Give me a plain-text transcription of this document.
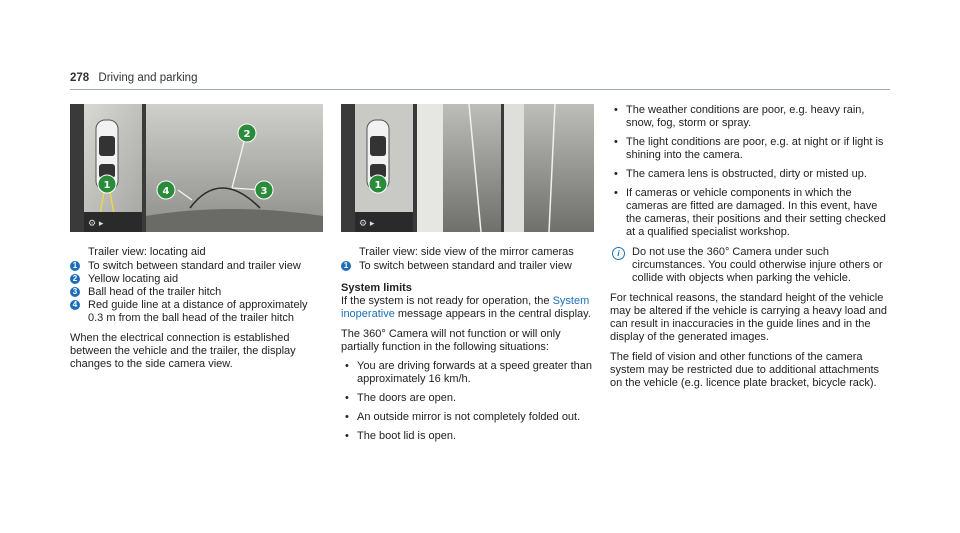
278 Driving and parking
⚙ ▸
1
2
3
4
⚙ ▸
1
Trailer view: locating aid
1 To switch between standard and trailer view
2 Yellow locating aid
3 Ball head of the trailer hitch
4 Red guide line at a distance of approximately 0.3 m from the ball head of the trailer hitch
When the electrical connection is established between the vehicle and the trailer, the display changes to the side camera view.
Trailer view: side view of the mirror cameras
1 To switch between standard and trailer view
System limits
If the system is not ready for operation, the System inoperative message appears in the central display.
The 360° Camera will not function or will only partially function in the following situations:
• You are driving forwards at a speed greater than approximately 16 km/h.
• The doors are open.
• An outside mirror is not completely folded out.
• The boot lid is open.
• The weather conditions are poor, e.g. heavy rain, snow, fog, storm or spray.
• The light conditions are poor, e.g. at night or if light is shining into the camera.
• The camera lens is obstructed, dirty or misted up.
• If cameras or vehicle components in which the cameras are fitted are damaged. In this event, have the cameras, their positions and their setting checked at a qualified specialist workshop.
i	Do not use the 360° Camera under such circumstances. You could otherwise injure others or collide with objects when parking the vehicle.
For technical reasons, the standard height of the vehicle may be altered if the vehicle is carrying a heavy load and can result in inaccuracies in the guide lines and in the display of the generated images.
The field of vision and other functions of the camera system may be restricted due to additional attachments on the vehicle (e.g. licence plate bracket, bicycle rack).
